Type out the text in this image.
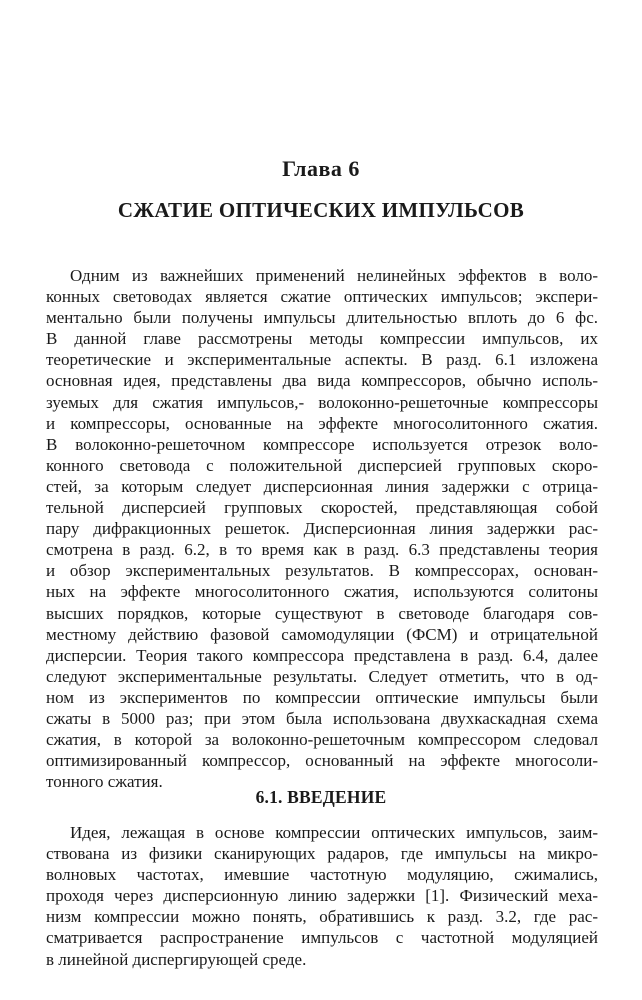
Глава 6
СЖАТИЕ ОПТИЧЕСКИХ ИМПУЛЬСОВ
Одним из важнейших применений нелинейных эффектов в воло-
конных световодах является сжатие оптических импульсов; экспери-
ментально были получены импульсы длительностью вплоть до 6 фс.
В данной главе рассмотрены методы компрессии импульсов, их
теоретические и экспериментальные аспекты. В разд. 6.1 изложена
основная идея, представлены два вида компрессоров, обычно исполь-
зуемых для сжатия импульсов,- волоконно-решеточные компрессоры
и компрессоры, основанные на эффекте многосолитонного сжатия.
В волоконно-решеточном компрессоре используется отрезок воло-
конного световода с положительной дисперсией групповых скоро-
стей, за которым следует дисперсионная линия задержки с отрица-
тельной дисперсией групповых скоростей, представляющая собой
пару дифракционных решеток. Дисперсионная линия задержки рас-
смотрена в разд. 6.2, в то время как в разд. 6.3 представлены теория
и обзор экспериментальных результатов. В компрессорах, основан-
ных на эффекте многосолитонного сжатия, используются солитоны
высших порядков, которые существуют в световоде благодаря сов-
местному действию фазовой самомодуляции (ФСМ) и отрицательной
дисперсии. Теория такого компрессора представлена в разд. 6.4, далее
следуют экспериментальные результаты. Следует отметить, что в од-
ном из экспериментов по компрессии оптические импульсы были
сжаты в 5000 раз; при этом была использована двухкаскадная схема
сжатия, в которой за волоконно-решеточным компрессором следовал
оптимизированный компрессор, основанный на эффекте многосоли-
тонного сжатия.
6.1. ВВЕДЕНИЕ
Идея, лежащая в основе компрессии оптических импульсов, заим-
ствована из физики сканирующих радаров, где импульсы на микро-
волновых частотах, имевшие частотную модуляцию, сжимались,
проходя через дисперсионную линию задержки [1]. Физический меха-
низм компрессии можно понять, обратившись к разд. 3.2, где рас-
сматривается распространение импульсов с частотной модуляцией
в линейной диспергирующей среде.
